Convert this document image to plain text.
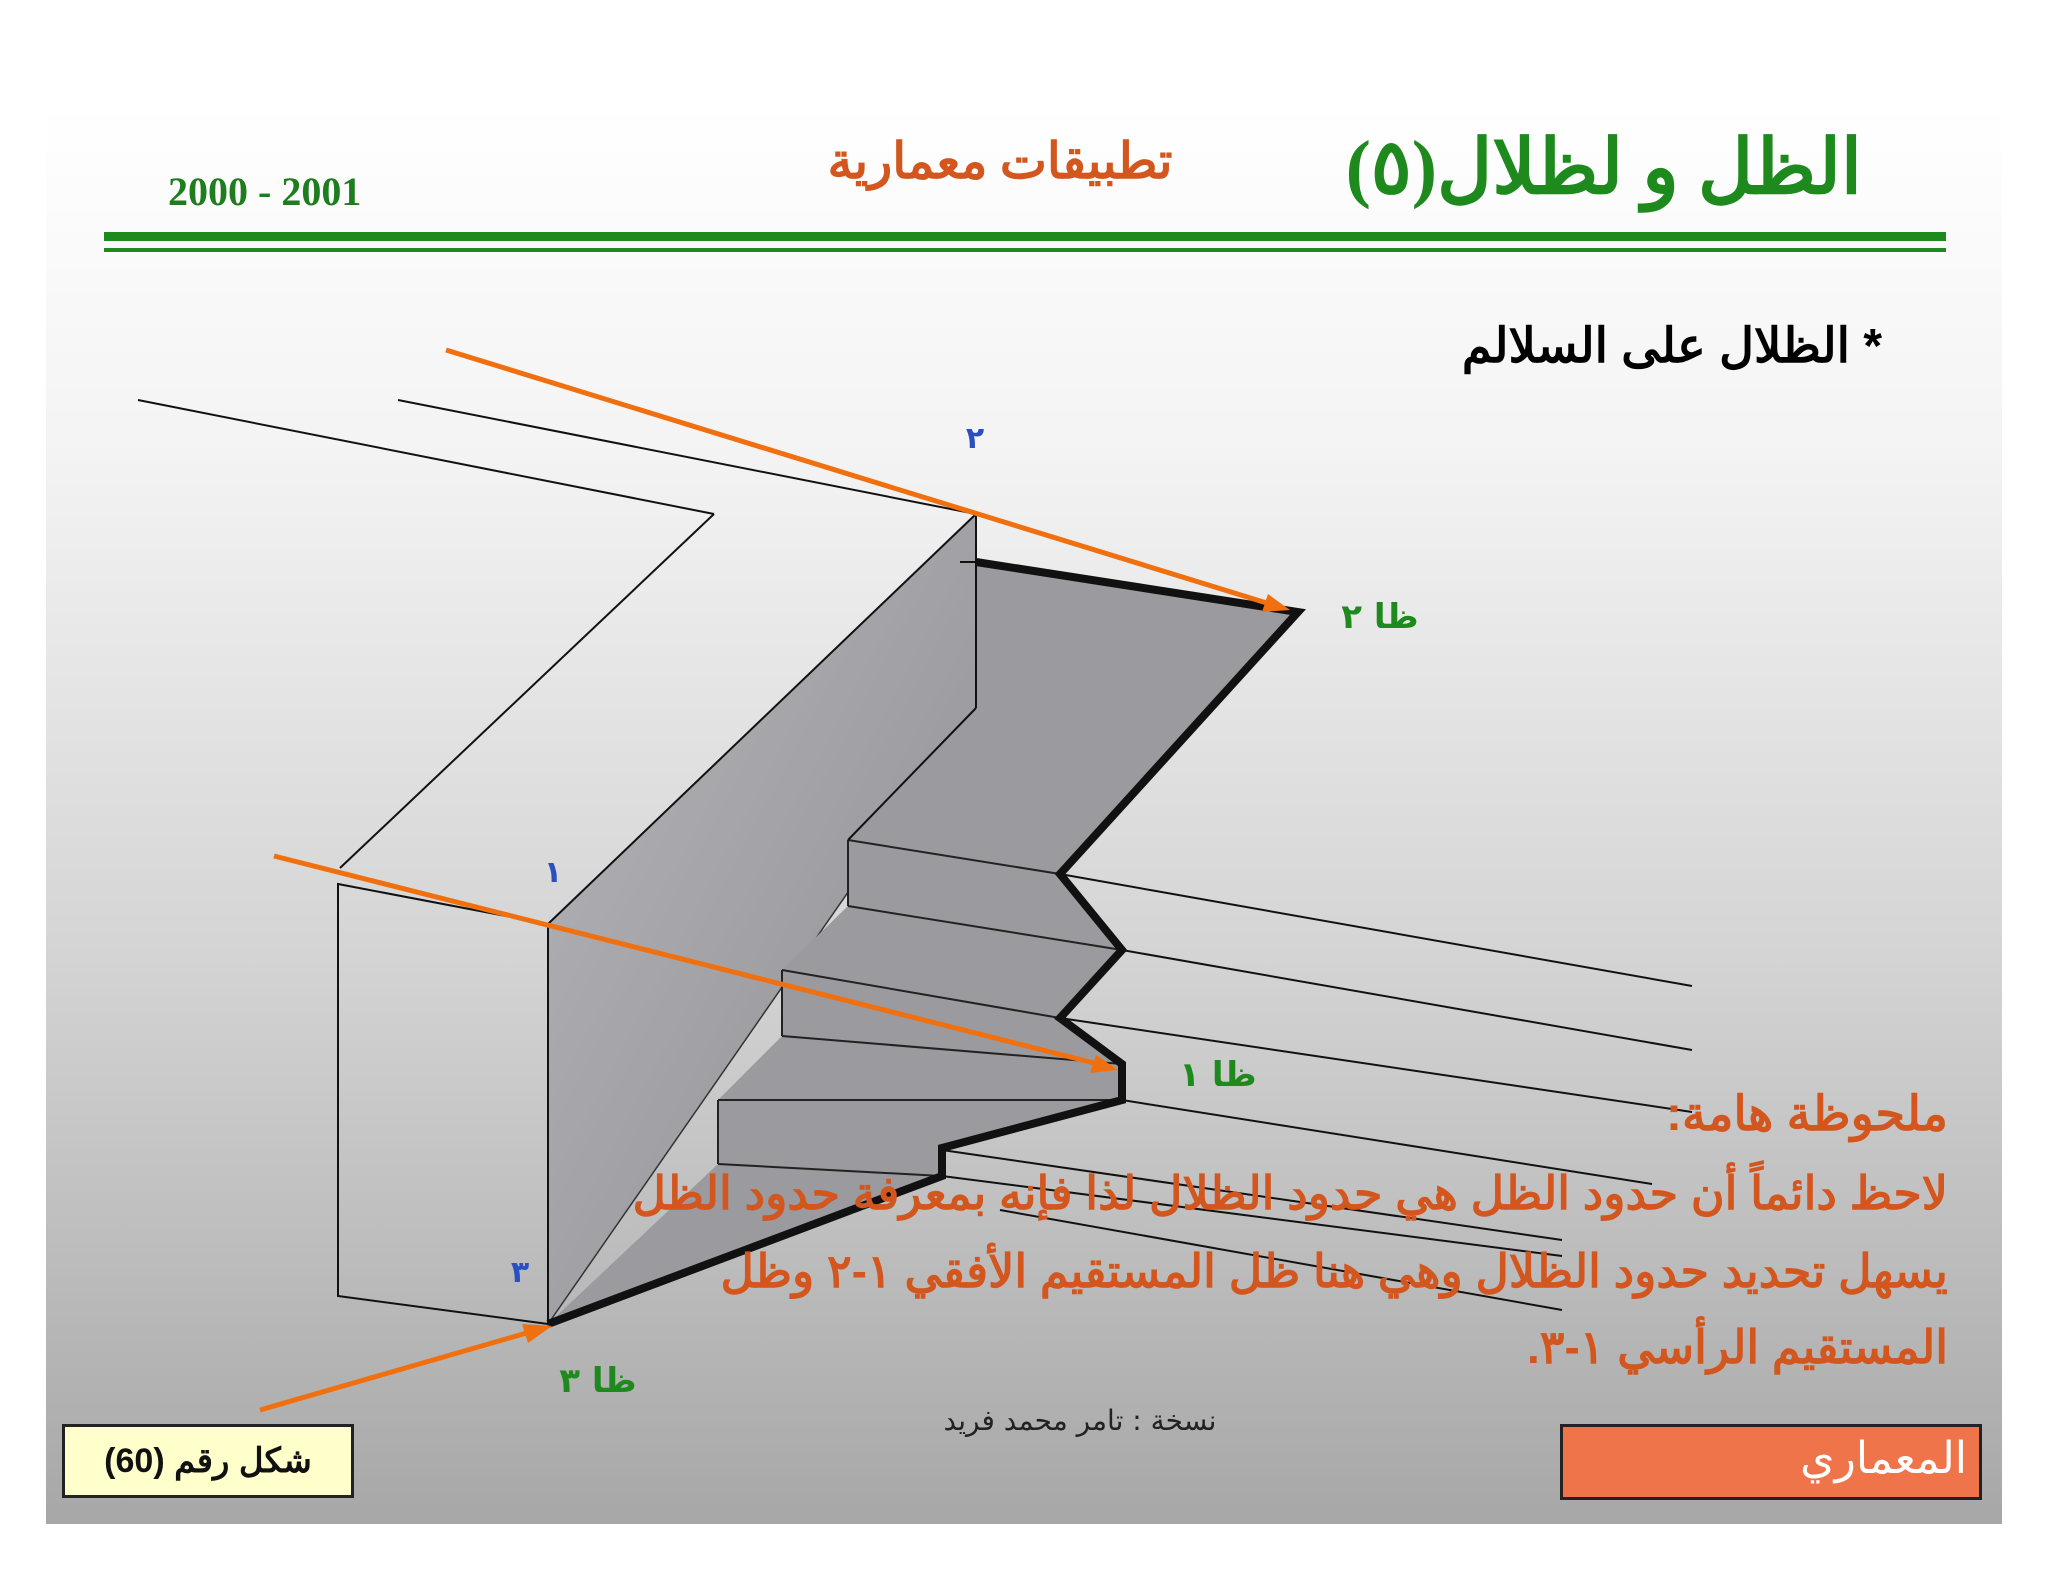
٢
١
٣
ظا ٢
ظا ١
ظا ٣
2000 - 2001
تطبيقات معمارية	الظل و لظلال(٥)
* الظلال على السلالم
ملحوظة هامة:
لاحظ دائماً أن حدود الظل هي حدود الظلال لذا فإنه بمعرفة حدود الظل
يسهل تحديد حدود الظلال وهي هنا ظل المستقيم الأفقي ١-٢ وظل
المستقيم الرأسي ١-٣.
نسخة : تامر محمد فريد
شكل رقم (60)	المعماري
